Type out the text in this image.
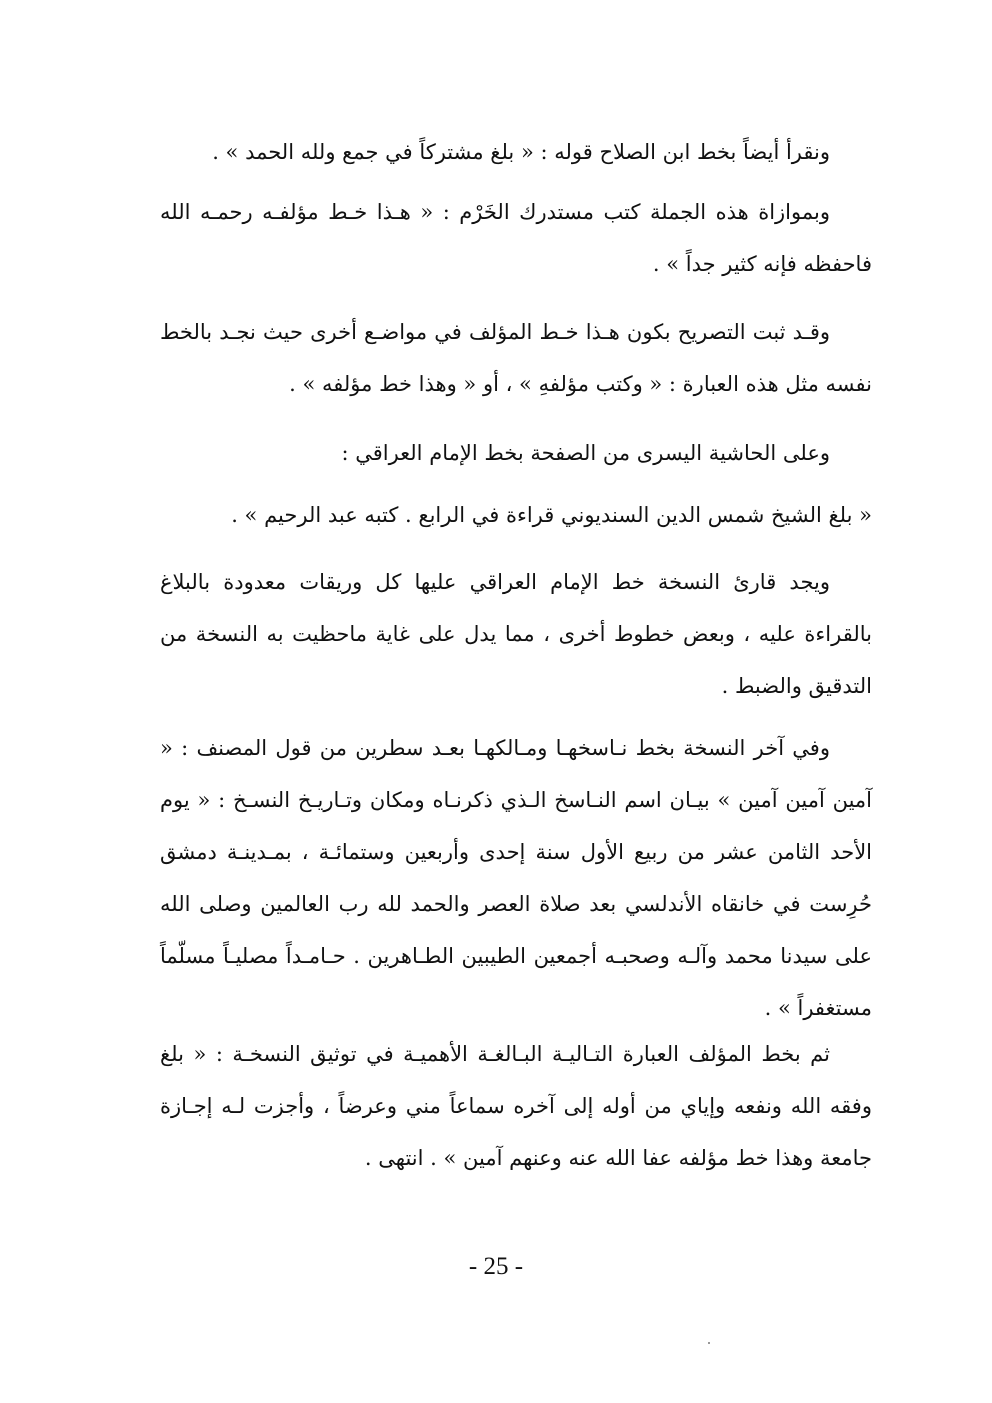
ونقرأ أيضاً بخط ابن الصلاح قوله : « بلغ مشتركاً في جمع ولله الحمد » .

وبموازاة هذه الجملة كتب مستدرك الخَرْم : « هـذا خـط مؤلفـه رحمـه الله فاحفظه فإنه كثير جداً » .

وقـد ثبت التصريح بكون هـذا خـط المؤلف في مواضـع أخرى حيث نجـد بالخط نفسه مثل هذه العبارة : « وكتب مؤلفهِ » ، أو « وهذا خط مؤلفه » .

وعلى الحاشية اليسرى من الصفحة بخط الإمام العراقي :

« بلغ الشيخ شمس الدين السنديوني قراءة في الرابع . كتبه عبد الرحيم » .

ويجد قارئ النسخة خط الإمام العراقي عليها كل وريقات معدودة بالبلاغ بالقراءة عليه ، وبعض خطوط أخرى ، مما يدل على غاية ماحظيت به النسخة من التدقيق والضبط .

وفي آخر النسخة بخط نـاسخهـا ومـالكهـا بعـد سطرين من قول المصنف : « آمين آمين آمين » بيـان اسم النـاسخ الـذي ذكرنـاه ومكان وتـاريـخ النسـخ : « يوم الأحد الثامن عشر من ربيع الأول سنة إحدى وأربعين وستمائـة ، بمـدينـة دمشق حُرِست في خانقاه الأندلسي بعد صلاة العصر والحمد لله رب العالمين وصلى الله على سيدنا محمد وآلـه وصحبـه أجمعين الطيبين الطـاهرين . حـامـداً مصليـاً مسلّماً مستغفراً » .

ثم بخط المؤلف العبارة التـاليـة البـالغـة الأهميـة في توثيق النسخـة : « بلغ وفقه الله ونفعه وإياي من أوله إلى آخره سماعاً مني وعرضاً ، وأجزت لـه إجـازة جامعة وهذا خط مؤلفه عفا الله عنه وعنهم آمين » . انتهى .

- 25 -
